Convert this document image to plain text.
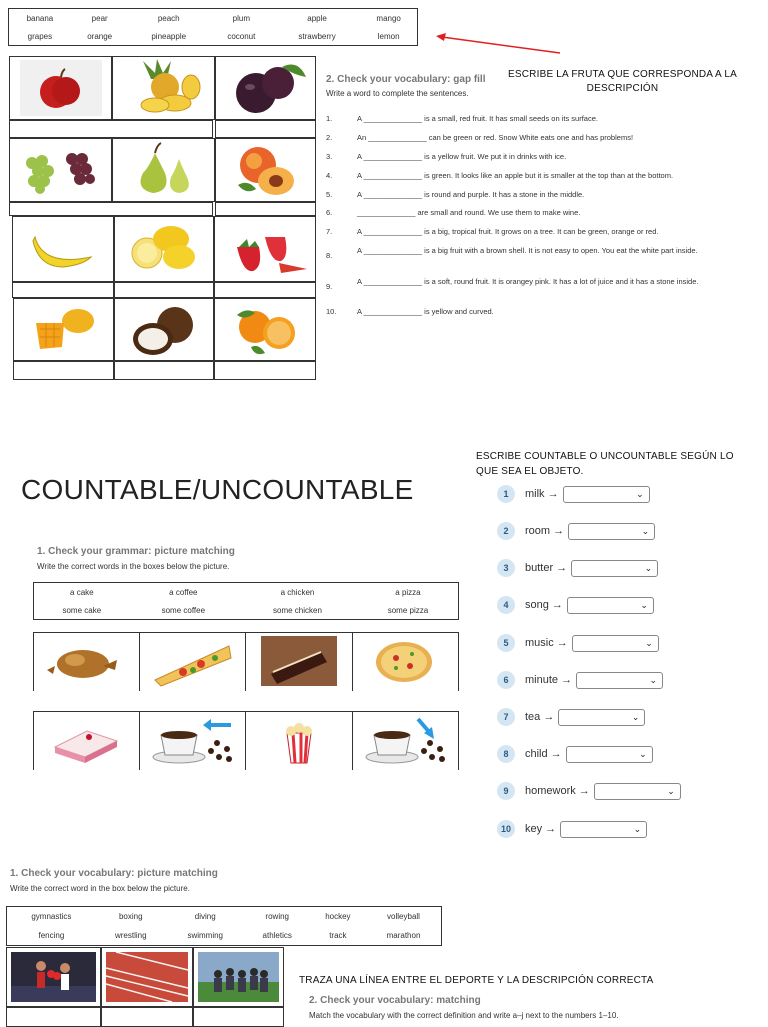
banana	pear	peach	plum	apple	mango
grapes	orange	pineapple	coconut	strawberry	lemon
ESCRIBE LA FRUTA QUE CORRESPONDA A LA DESCRIPCIÓN
2. Check your vocabulary: gap fill
Write a word to complete the sentences.
1.	A ______________ is a small, red fruit. It has small seeds on its surface.
2.	An ______________ can be green or red. Snow White eats one and has problems!
3.	A ______________ is a yellow fruit. We put it in drinks with ice.
4.	A ______________ is green. It looks like an apple but it is smaller at the top than at the bottom.
5.	A ______________ is round and purple. It has a stone in the middle.
6.	______________ are small and round. We use them to make wine.
7.	A ______________ is a big, tropical fruit. It grows on a tree. It can be green, orange or red.
8.
A ______________ is a big fruit with a brown shell. It is not easy to open. You eat the white part inside.
9.
A ______________ is a soft, round fruit. It is orangey pink. It has a lot of juice and it has a stone inside.
10.	A ______________ is yellow and curved.
COUNTABLE/UNCOUNTABLE
1. Check your grammar: picture matching
Write the correct words in the boxes below the picture.
a cake	a coffee	a chicken	a pizza
some cake	some coffee	some chicken	some pizza
ESCRIBE COUNTABLE O UNCOUNTABLE SEGÚN LO QUE SEA EL OBJETO.
1	milk →	⌄
2	room →	⌄
3	butter →	⌄
4	song →	⌄
5	music →	⌄
6	minute →	⌄
7	tea →	⌄
8	child →	⌄
9	homework →	⌄
10	key →	⌄
1. Check your vocabulary: picture matching
Write the correct word in the box below the picture.
gymnastics	boxing	diving	rowing	hockey	volleyball
fencing	wrestling	swimming	athletics	track	marathon
TRAZA UNA LÍNEA ENTRE EL DEPORTE Y LA DESCRIPCIÓN CORRECTA
2. Check your vocabulary: matching
Match the vocabulary with the correct definition and write a–j next to the numbers 1–10.
